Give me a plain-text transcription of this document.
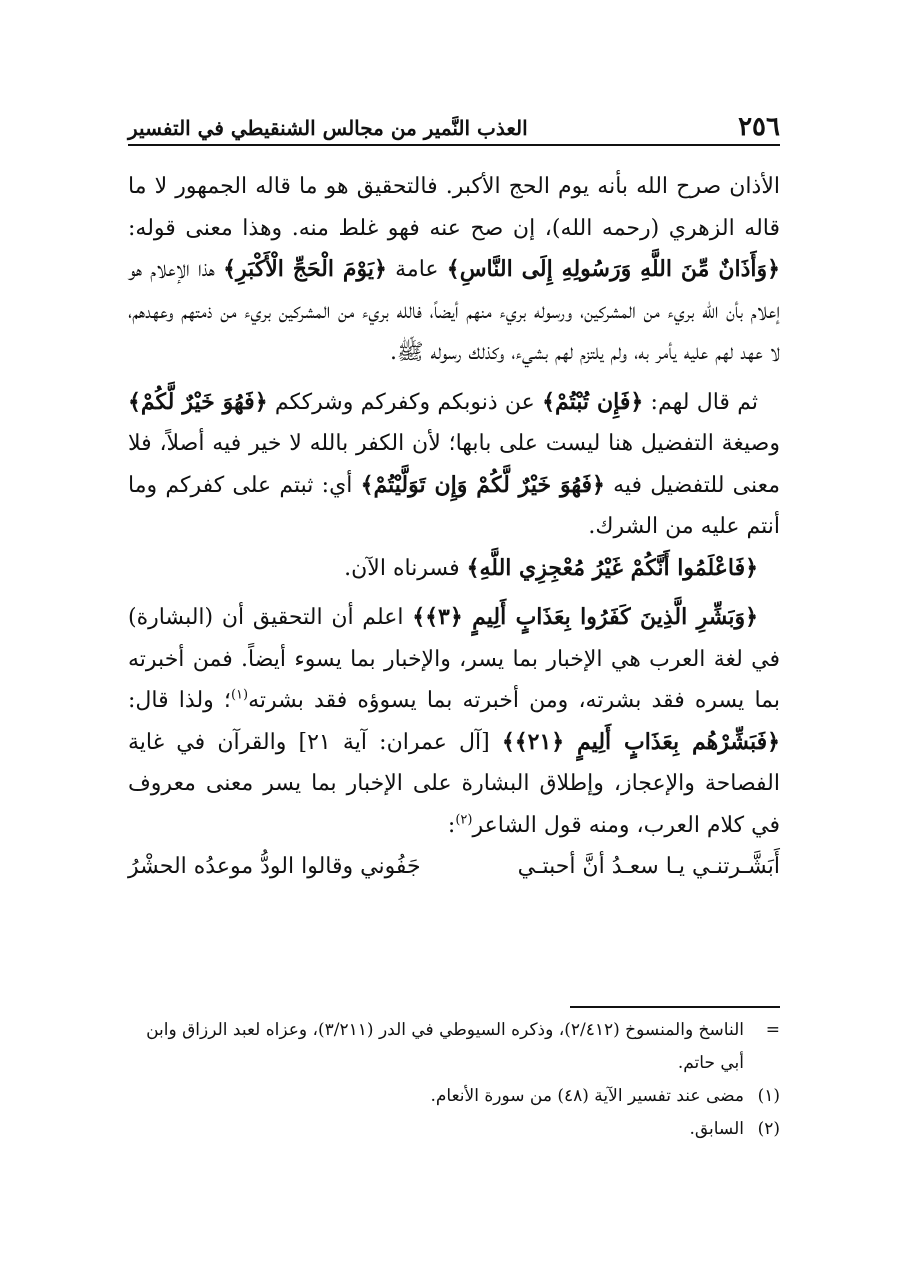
٢٥٦
العذب النَّمير من مجالس الشنقيطي في التفسير

الأذان صرح الله بأنه يوم الحج الأكبر. فالتحقيق هو ما قاله الجمهور لا ما قاله الزهري (رحمه الله)، إن صح عنه فهو غلط منه. وهذا معنى قوله: ﴿وَأَذَانٌ مِّنَ اللَّهِ وَرَسُولِهِ إِلَى النَّاسِ﴾ عامة ﴿يَوْمَ الْحَجِّ الْأَكْبَرِ﴾ هذا الإعلام هو إعلام بأن الله بريء من المشركين، ورسوله بريء منهم أيضاً، فالله بريء من المشركين بريء من ذمتهم وعهدهم، لا عهد لهم عليه يأمر به، ولم يلتزم لهم بشيء، وكذلك رسوله ﷺ.

 ثم قال لهم: ﴿فَإِن تُبْتُمْ﴾ عن ذنوبكم وكفركم وشرككم ﴿فَهُوَ خَيْرٌ لَّكُمْ﴾ وصيغة التفضيل هنا ليست على بابها؛ لأن الكفر بالله لا خير فيه أصلاً، فلا معنى للتفضيل فيه ﴿فَهُوَ خَيْرٌ لَّكُمْ وَإِن تَوَلَّيْتُمْ﴾ أي: ثبتم على كفركم وما أنتم عليه من الشرك.

 ﴿فَاعْلَمُوا أَنَّكُمْ غَيْرُ مُعْجِزِي اللَّهِ﴾ فسرناه الآن.

 ﴿وَبَشِّرِ الَّذِينَ كَفَرُوا بِعَذَابٍ أَلِيمٍ ﴿٣﴾﴾ اعلم أن التحقيق أن (البشارة) في لغة العرب هي الإخبار بما يسر، والإخبار بما يسوء أيضاً. فمن أخبرته بما يسره فقد بشرته، ومن أخبرته بما يسوؤه فقد بشرته$^{(١)}$؛ ولذا قال: ﴿فَبَشِّرْهُم بِعَذَابٍ أَلِيمٍ ﴿٢١﴾﴾ [آل عمران: آية ٢١] والقرآن في غاية الفصاحة والإعجاز، وإطلاق البشارة على الإخبار بما يسر معنى معروف في كلام العرب، ومنه قول الشاعر$^{(٢)}$:

أَبَشَّـرتنـي يـا سعـدُ أنَّ أحبتـي
جَفُوني وقالوا الودُّ موعدُه الحشْرُ
=
الناسخ والمنسوخ (٢/٤١٢)، وذكره السيوطي في الدر (٣/٢١١)، وعزاه لعبد الرزاق وابن أبي حاتم.
(١)
مضى عند تفسير الآية (٤٨) من سورة الأنعام.
(٢)
السابق.
